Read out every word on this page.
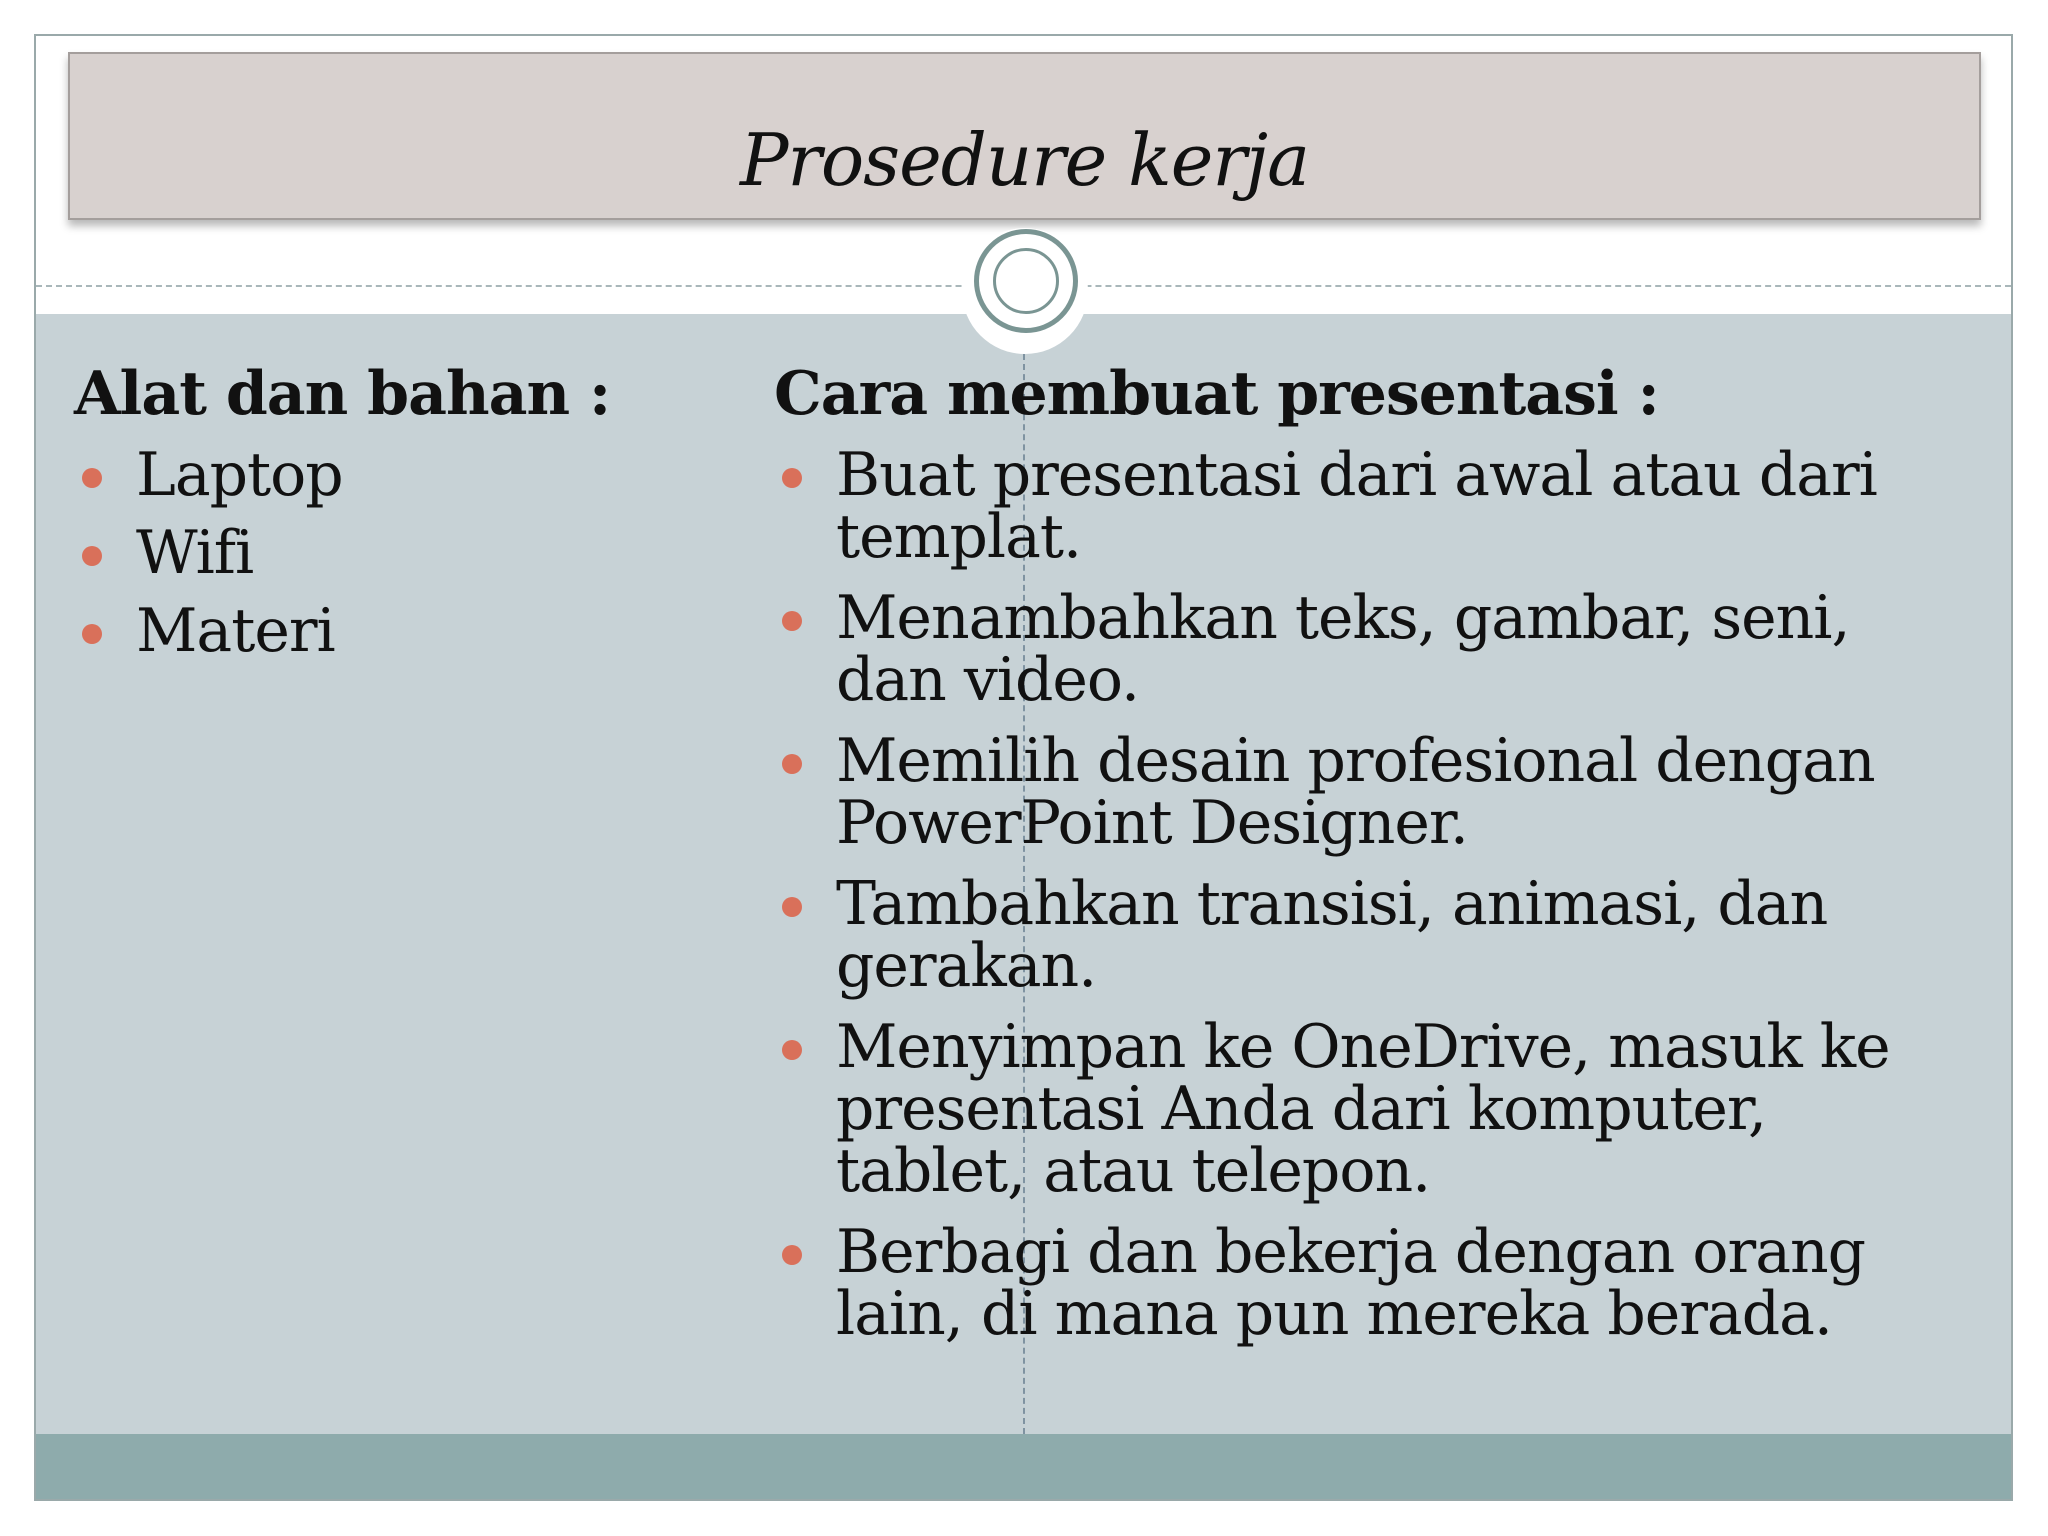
Prosedure kerja
Alat dan bahan :
Laptop
Wifi
Materi
Cara membuat presentasi :
Buat presentasi dari awal atau dari templat.
Menambahkan teks, gambar, seni, dan video.
Memilih desain profesional dengan PowerPoint Designer.
Tambahkan transisi, animasi, dan gerakan.
Menyimpan ke OneDrive, masuk ke presentasi Anda dari komputer, tablet, atau telepon.
Berbagi dan bekerja dengan orang lain, di mana pun mereka berada.
